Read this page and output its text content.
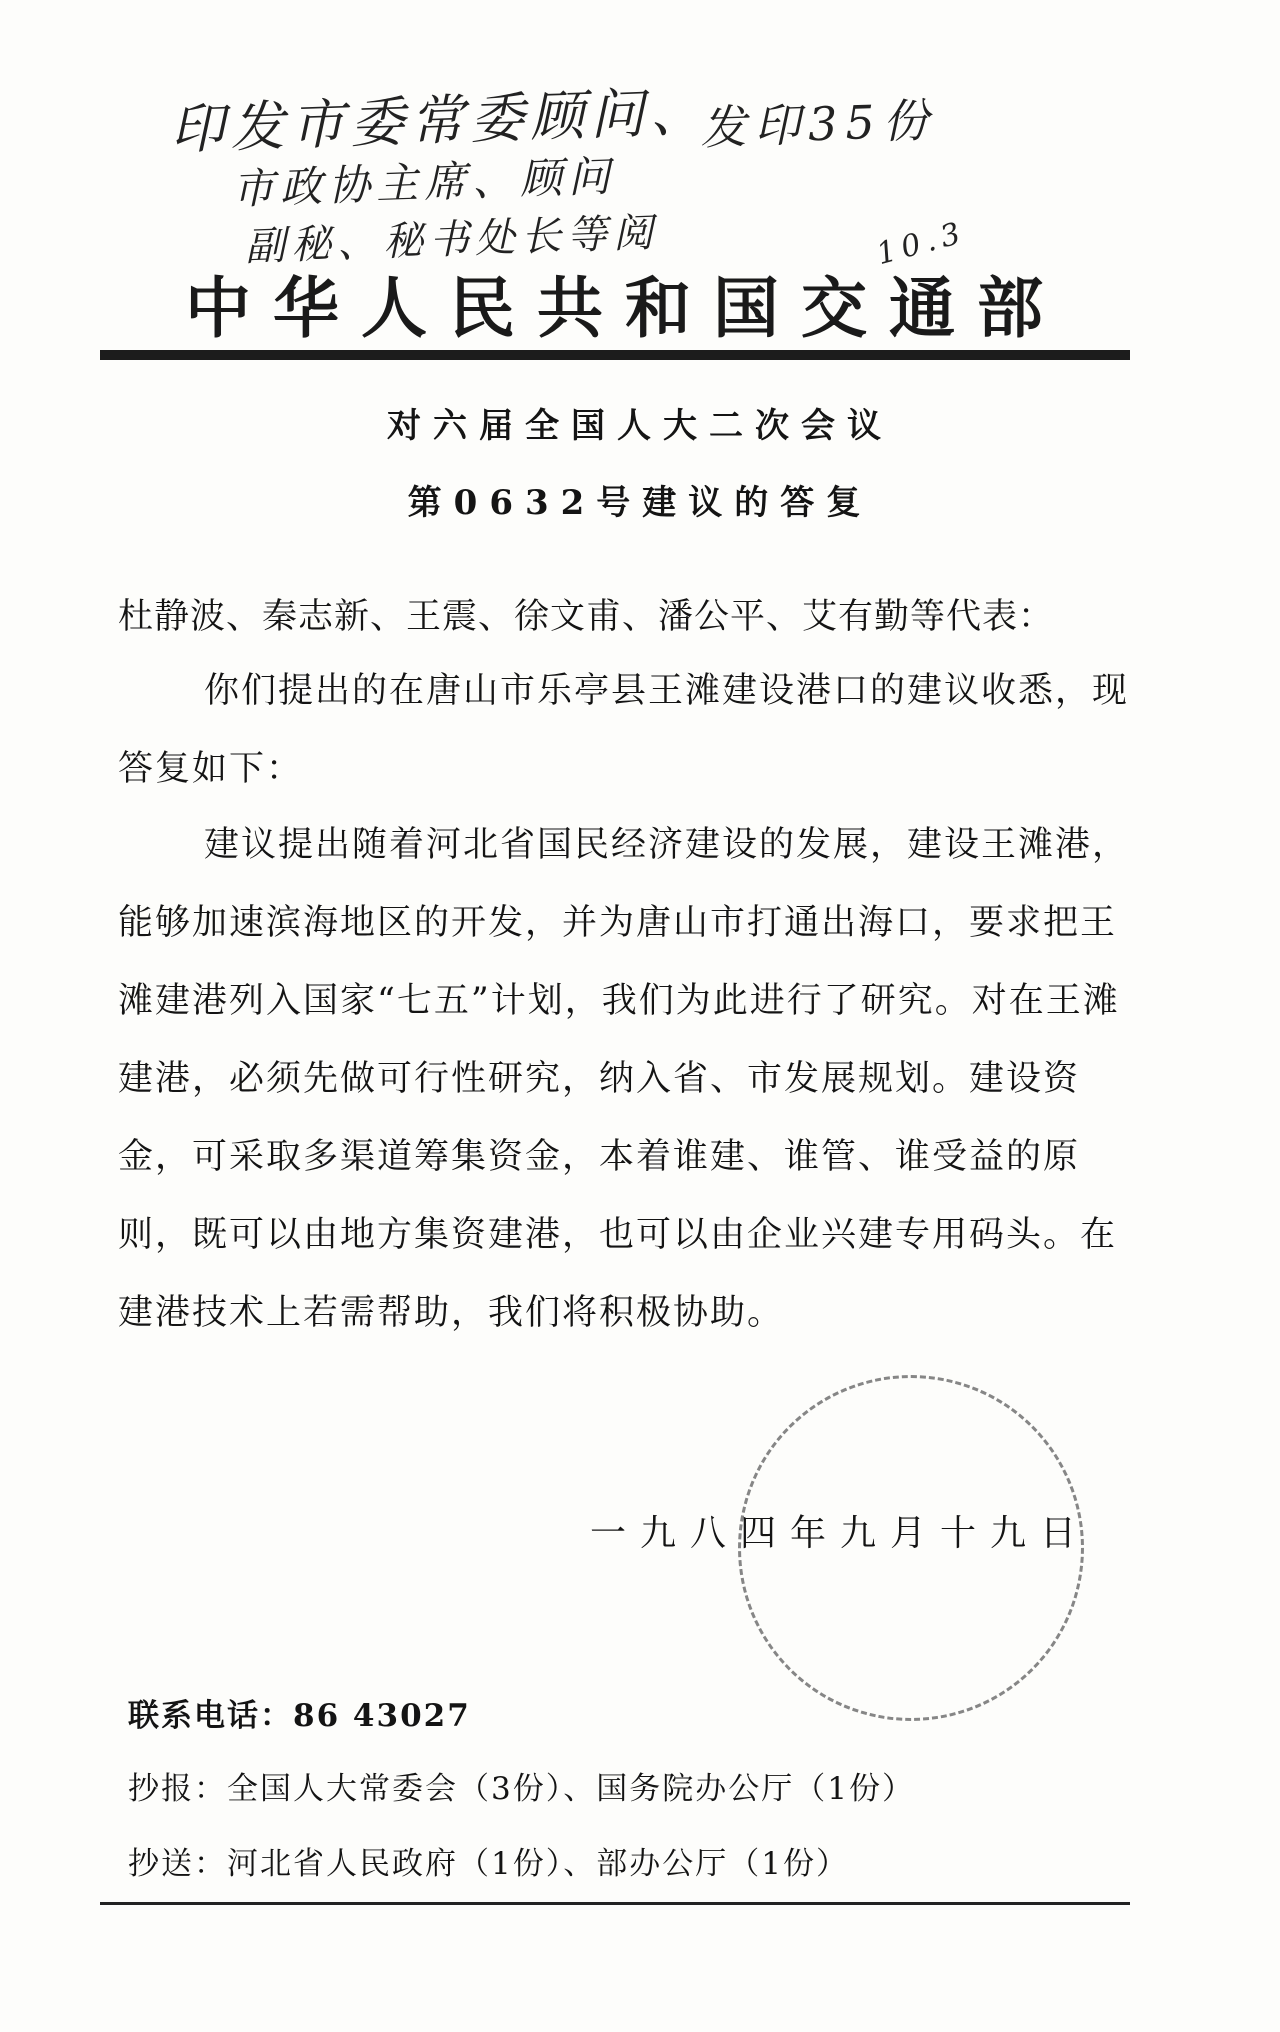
印发市委常委顾问、
发印35份
市政协主席、顾问
副秘、秘书处长等阅	10.3
中华人民共和国交通部
对六届全国人大二次会议
第0632号建议的答复
杜静波、秦志新、王震、徐文甫、潘公平、艾有勤等代表：
你们提出的在唐山市乐亭县王滩建设港口的建议收悉，现答复如下：
建议提出随着河北省国民经济建设的发展，建设王滩港，能够加速滨海地区的开发，并为唐山市打通出海口，要求把王滩建港列入国家“七五”计划，我们为此进行了研究。对在王滩建港，必须先做可行性研究，纳入省、市发展规划。建设资金，可采取多渠道筹集资金，本着谁建、谁管、谁受益的原则，既可以由地方集资建港，也可以由企业兴建专用码头。在建港技术上若需帮助，我们将积极协助。
一九八四年九月十九日
联系电话：86 43027
抄报：全国人大常委会（3份）、国务院办公厅（1份）
抄送：河北省人民政府（1份）、部办公厅（1份）
